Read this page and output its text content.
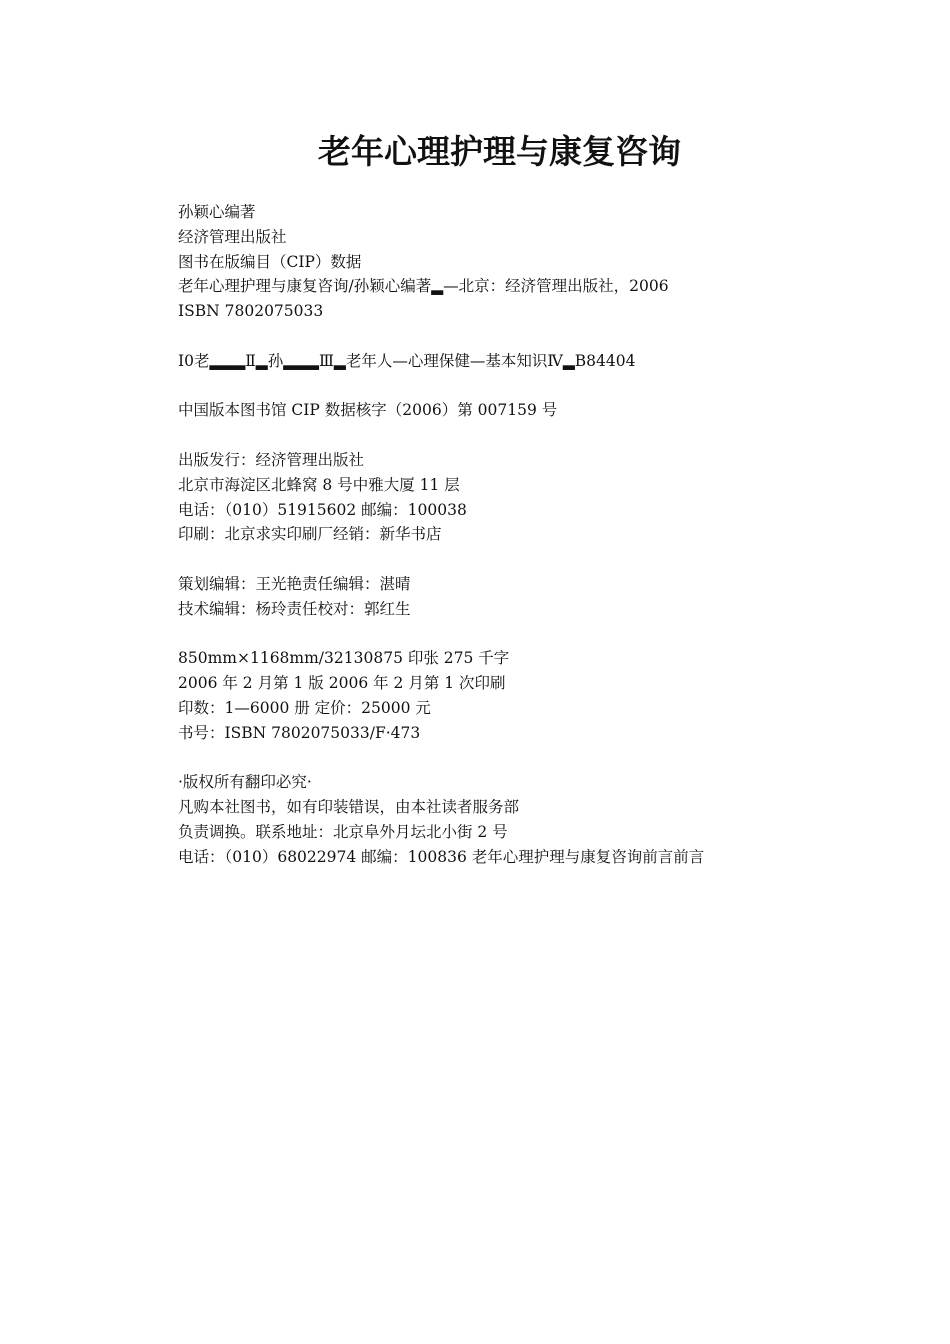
老年心理护理与康复咨询
孙颖心编著
经济管理出版社
图书在版编目（CIP）数据
老年心理护理与康复咨询/孙颖心编著▂—北京：经济管理出版社，2006
ISBN 7802075033
I0老▂▂▂Ⅱ▂孙▂▂▂Ⅲ▂老年人—心理保健—基本知识Ⅳ▂B84404
中国版本图书馆 CIP 数据核字（2006）第 007159 号
出版发行：经济管理出版社
北京市海淀区北蜂窝 8 号中雅大厦 11 层
电话：（010）51915602 邮编：100038
印刷：北京求实印刷厂经销：新华书店
策划编辑：王光艳责任编辑：湛晴
技术编辑：杨玲责任校对：郭红生
850mm×1168mm/32130875 印张 275 千字
2006 年 2 月第 1 版 2006 年 2 月第 1 次印刷
印数：1—6000 册 定价：25000 元
书号：ISBN 7802075033/F·473
·版权所有翻印必究·
凡购本社图书，如有印装错误，由本社读者服务部
负责调换。联系地址：北京阜外月坛北小街 2 号
电话：（010）68022974 邮编：100836 老年心理护理与康复咨询前言前言
